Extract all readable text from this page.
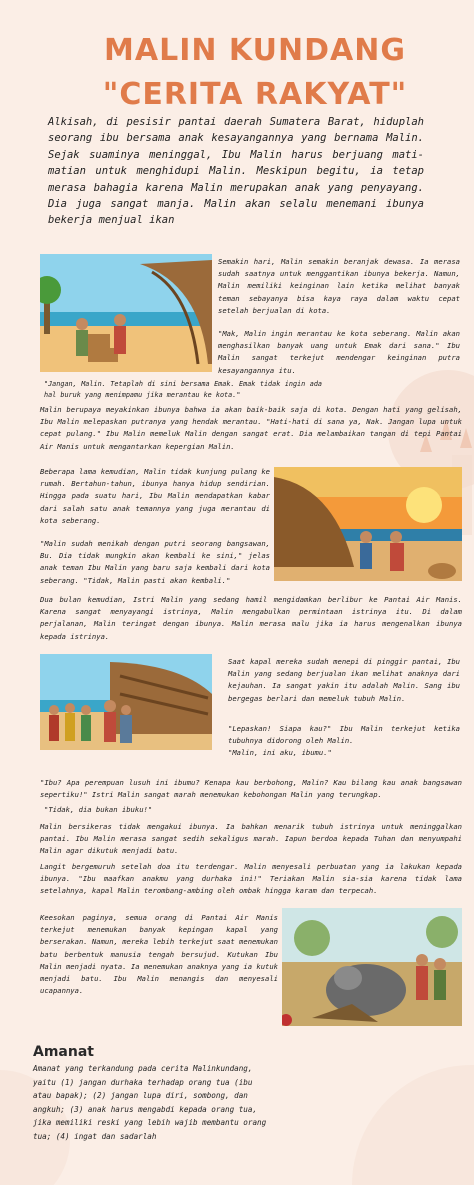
MALIN KUNDANG
"CERITA RAKYAT"

Alkisah, di pesisir pantai daerah Sumatera Barat, hiduplah seorang ibu bersama anak kesayangannya yang bernama Malin. Sejak suaminya meninggal, Ibu Malin harus berjuang mati-matian untuk menghidupi Malin. Meskipun begitu, ia tetap merasa bahagia karena Malin merupakan anak yang penyayang. Dia juga sangat manja. Malin akan selalu menemani ibunya bekerja menjual ikan

Semakin hari, Malin semakin beranjak dewasa. Ia merasa sudah saatnya untuk menggantikan ibunya bekerja. Namun, Malin memiliki keinginan lain ketika melihat banyak teman sebayanya bisa kaya raya dalam waktu cepat setelah berjualan di kota.

"Mak, Malin ingin merantau ke kota seberang. Malin akan menghasilkan banyak uang untuk Emak dari sana." Ibu Malin sangat terkejut mendengar keinginan putra kesayangannya itu.

"Jangan, Malin. Tetaplah di sini bersama Emak. Emak tidak ingin ada hal buruk yang menimpamu jika merantau ke kota."

Malin berupaya meyakinkan ibunya bahwa ia akan baik-baik saja di kota. Dengan hati yang gelisah, Ibu Malin melepaskan putranya yang hendak merantau. "Hati-hati di sana ya, Nak. Jangan lupa untuk cepat pulang." Ibu Malin memeluk Malin dengan sangat erat. Dia melambaikan tangan di tepi Pantai Air Manis untuk mengantarkan kepergian Malin.

Beberapa lama kemudian, Malin tidak kunjung pulang ke rumah. Bertahun-tahun, ibunya hanya hidup sendirian. Hingga pada suatu hari, Ibu Malin mendapatkan kabar dari salah satu anak temannya yang juga merantau di kota seberang.

"Malin sudah menikah dengan putri seorang bangsawan, Bu. Dia tidak mungkin akan kembali ke sini," jelas anak teman Ibu Malin yang baru saja kembali dari kota seberang. "Tidak, Malin pasti akan kembali."

Dua bulan kemudian, Istri Malin yang sedang hamil mengidamkan berlibur ke Pantai Air Manis. Karena sangat menyayangi istrinya, Malin mengabulkan permintaan istrinya itu. Di dalam perjalanan, Malin teringat dengan ibunya. Malin merasa malu jika ia harus mengenalkan ibunya kepada istrinya.

Saat kapal mereka sudah menepi di pinggir pantai, Ibu Malin yang sedang berjualan ikan melihat anaknya dari kejauhan. Ia sangat yakin itu adalah Malin. Sang ibu bergegas berlari dan memeluk tubuh Malin.

"Lepaskan! Siapa kau?" Ibu Malin terkejut ketika tubuhnya didorong oleh Malin.

"Malin, ini aku, ibumu."

"Ibu? Apa perempuan lusuh ini ibumu? Kenapa kau berbohong, Malin? Kau bilang kau anak bangsawan sepertiku!" Istri Malin sangat marah menemukan kebohongan Malin yang terungkap.

"Tidak, dia bukan ibuku!"

Malin bersikeras tidak mengakui ibunya. Ia bahkan menarik tubuh istrinya untuk meninggalkan pantai. Ibu Malin merasa sangat sedih sekaligus marah. Iapun berdoa kepada Tuhan dan menyumpahi Malin agar dikutuk menjadi batu.

Langit bergemuruh setelah doa itu terdengar. Malin menyesali perbuatan yang ia lakukan kepada ibunya. "Ibu maafkan anakmu yang durhaka ini!" Teriakan Malin sia-sia karena tidak lama setelahnya, kapal Malin terombang-ambing oleh ombak hingga karam dan terpecah.

Keesokan paginya, semua orang di Pantai Air Manis terkejut menemukan banyak kepingan kapal yang berserakan. Namun, mereka lebih terkejut saat menemukan batu berbentuk manusia tengah bersujud. Kutukan Ibu Malin menjadi nyata. Ia menemukan anaknya yang ia kutuk menjadi batu. Ibu Malin menangis dan menyesali ucapannya.

Amanat

Amanat yang terkandung pada cerita Malinkundang, yaitu (1) jangan durhaka terhadap orang tua (ibu atau bapak); (2) jangan lupa diri, sombong, dan angkuh; (3) anak harus mengabdi kepada orang tua, jika memiliki reski yang lebih wajib membantu orang tua; (4) ingat dan sadarlah
